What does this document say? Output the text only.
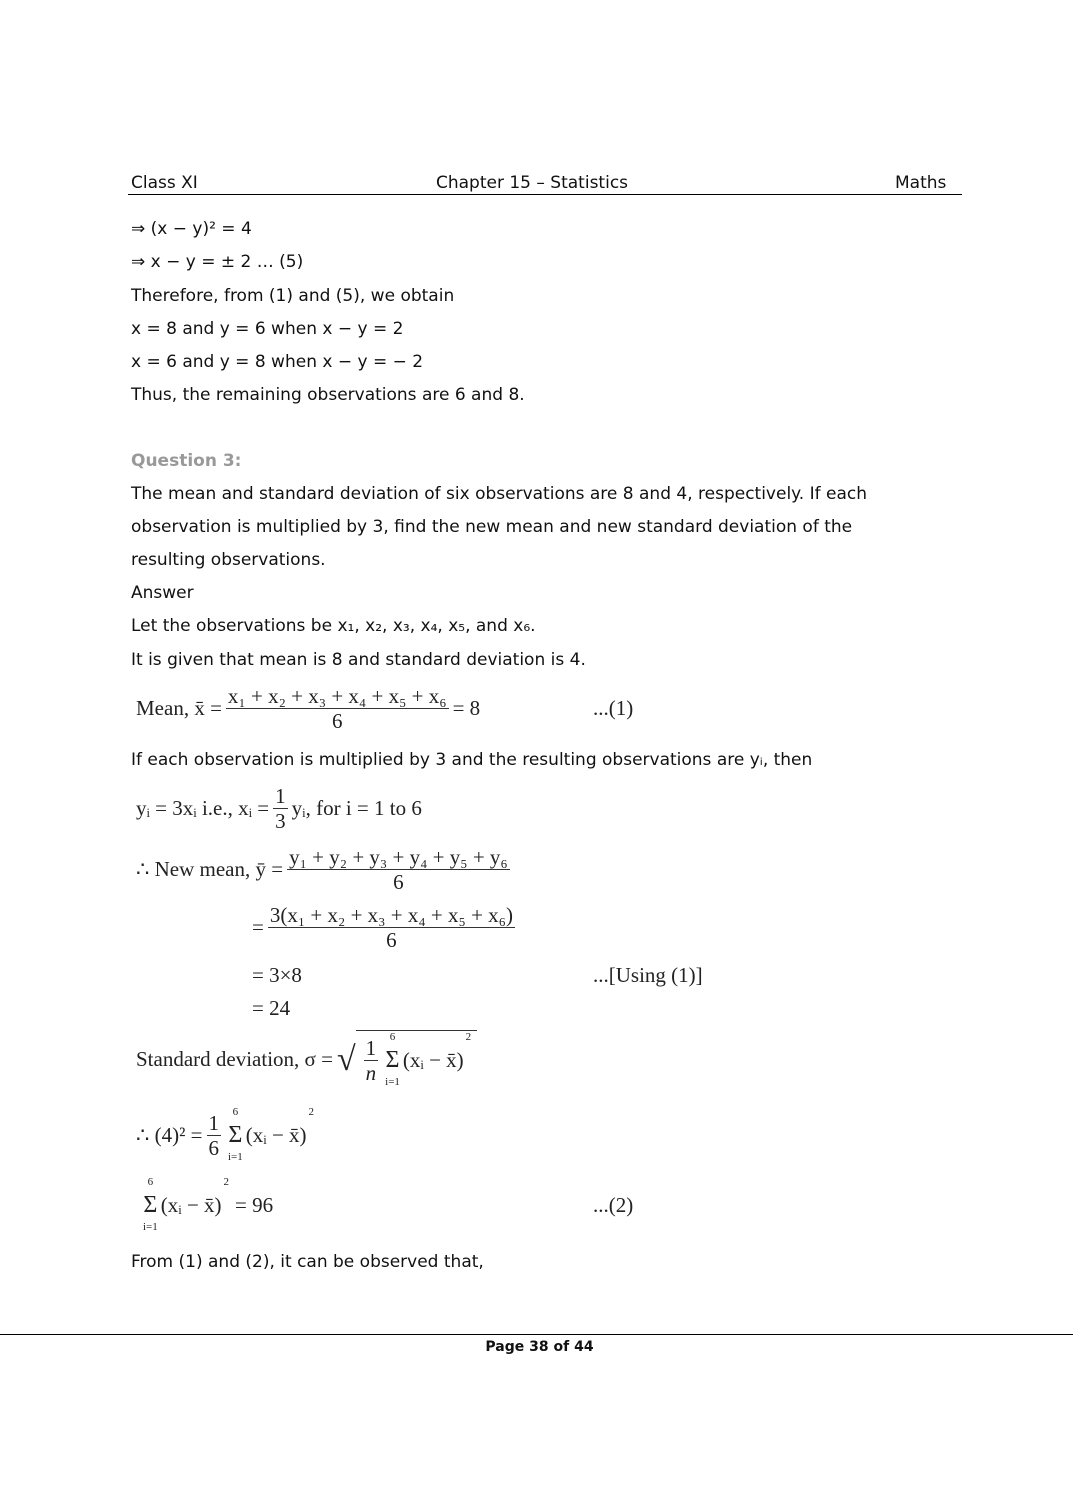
Class XI	Chapter 15 – Statistics	Maths
⇒ (x − y)² = 4
⇒ x − y = ± 2 … (5)
Therefore, from (1) and (5), we obtain
x = 8 and y = 6 when x − y = 2
x = 6 and y = 8 when x − y = − 2
Thus, the remaining observations are 6 and 8.
Question 3:
The mean and standard deviation of six observations are 8 and 4, respectively. If each
observation is multiplied by 3, find the new mean and new standard deviation of the
resulting observations.
Answer
Let the observations be x₁, x₂, x₃, x₄, x₅, and x₆.
It is given that mean is 8 and standard deviation is 4.
Mean, x̄ = $\frac{\text{x₁ + x₂ + x₃ + x₄ + x₅ + x₆}}{6} = 8$	...(1)
If each observation is multiplied by 3 and the resulting observations are yᵢ, then
yᵢ = 3xᵢ i.e., xᵢ = $\frac{1}{3}$ yᵢ, for i = 1 to 6
∴ New mean, ȳ = $\frac{\text{y₁ + y₂ + y₃ + y₄ + y₅ + y₆}}{6}$
= $\frac{\text{3(x₁ + x₂ + x₃ + x₄ + x₅ + x₆)}}{6}$
= 3×8	...[Using (1)]
= 24
Standard deviation, σ = √ $\frac{1}{n} 6$
Σ
i=1
(xᵢ − x̄)
2
∴ $(4)^2 = \frac{1}{6} 6$
Σ
i=1
(xᵢ − x̄)
2
6
Σ
i=1
(xᵢ − x̄)
2
= 96	...(2)
From (1) and (2), it can be observed that,
Page 38 of 44
